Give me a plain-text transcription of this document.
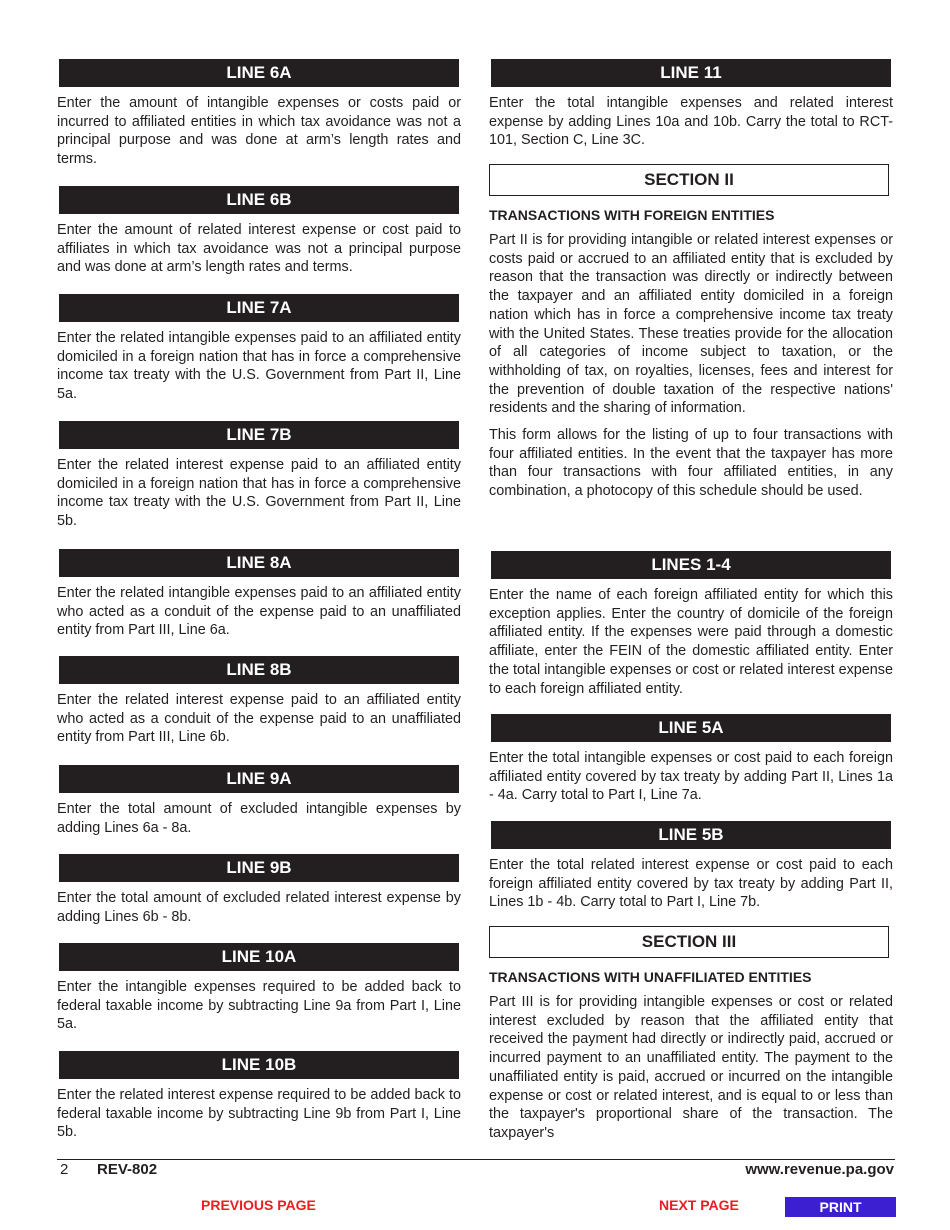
LINE 6A

Enter the amount of intangible expenses or costs paid or incurred to affiliated entities in which tax avoidance was not a principal purpose and was done at arm’s length rates and terms.

LINE 6B

Enter the amount of related interest expense or cost paid to affiliates in which tax avoidance was not a principal purpose and was done at arm’s length rates and terms.

LINE 7A

Enter the related intangible expenses paid to an affiliated entity domiciled in a foreign nation that has in force a comprehensive income tax treaty with the U.S. Government from Part II, Line 5a.

LINE 7B

Enter the related interest expense paid to an affiliated entity domiciled in a foreign nation that has in force a comprehensive income tax treaty with the U.S. Government from Part II, Line 5b.

LINE 8A

Enter the related intangible expenses paid to an affiliated entity who acted as a conduit of the expense paid to an unaffiliated entity from Part III, Line 6a.

LINE 8B

Enter the related interest expense paid to an affiliated entity who acted as a conduit of the expense paid to an unaffiliated entity from Part III, Line 6b.

LINE 9A

Enter the total amount of excluded intangible expenses by adding Lines 6a - 8a.

LINE 9B

Enter the total amount of excluded related interest expense by adding Lines 6b - 8b.

LINE 10A

Enter the intangible expenses required to be added back to federal taxable income by subtracting Line 9a from Part I, Line 5a.

LINE 10B

Enter the related interest expense required to be added back to federal taxable income by subtracting Line 9b from Part I, Line 5b.

LINE 11

Enter the total intangible expenses and related interest expense by adding Lines 10a and 10b. Carry the total to RCT-101, Section C, Line 3C.

SECTION II
TRANSACTIONS WITH FOREIGN ENTITIES

Part II is for providing intangible or related interest expenses or costs paid or accrued to an affiliated entity that is excluded by reason that the transaction was directly or indirectly between the taxpayer and an affiliated entity domiciled in a foreign nation which has in force a comprehensive income tax treaty with the United States. These treaties provide for the allocation of all categories of income subject to taxation, or the withholding of tax, on royalties, licenses, fees and interest for the prevention of double taxation of the respective nations' residents and the sharing of information.

This form allows for the listing of up to four transactions with four affiliated entities. In the event that the taxpayer has more than four transactions with four affiliated entities, in any combination, a photocopy of this schedule should be used.

LINES 1-4

Enter the name of each foreign affiliated entity for which this exception applies. Enter the country of domicile of the foreign affiliated entity. If the expenses were paid through a domestic affiliate, enter the FEIN of the domestic affiliated entity. Enter the total intangible expenses or cost or related interest expense to each foreign affiliated entity.

LINE 5A

Enter the total intangible expenses or cost paid to each foreign affiliated entity covered by tax treaty by adding Part II, Lines 1a - 4a. Carry total to Part I, Line 7a.

LINE 5B

Enter the total related interest expense or cost paid to each foreign affiliated entity covered by tax treaty by adding Part II, Lines 1b - 4b. Carry total to Part I, Line 7b.

SECTION III
TRANSACTIONS WITH UNAFFILIATED ENTITIES

Part III is for providing intangible expenses or cost or related interest excluded by reason that the affiliated entity that received the payment had directly or indirectly paid, accrued or incurred payment to an unaffiliated entity. The payment to the unaffiliated entity is paid, accrued or incurred on the intangible expense or cost or related interest, and is equal to or less than the taxpayer's proportional share of the transaction. The taxpayer's

2 REV-802	www.revenue.pa.gov
PREVIOUS PAGE	NEXT PAGE	PRINT
